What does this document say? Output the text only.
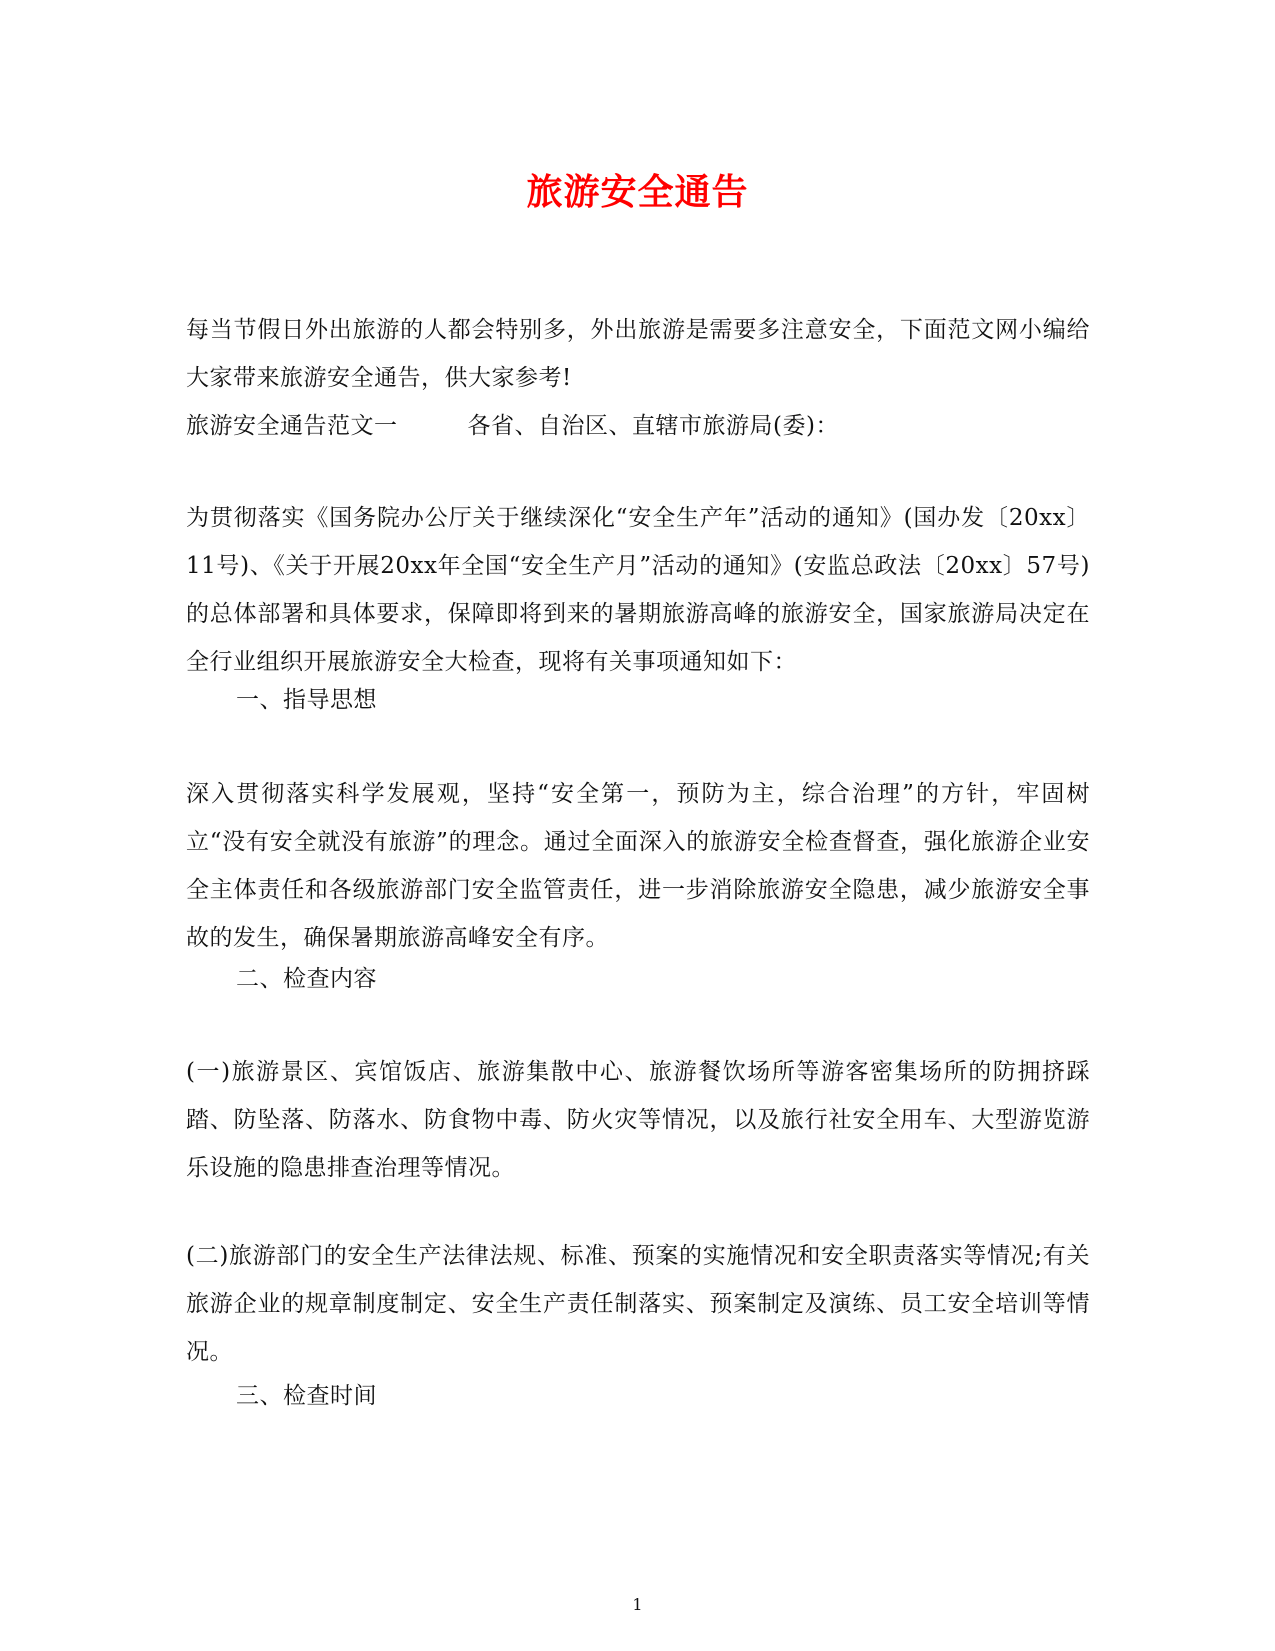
旅游安全通告
每当节假日外出旅游的人都会特别多，外出旅游是需要多注意安全，下面范文网小编给大家带来旅游安全通告，供大家参考!
旅游安全通告范文一	各省、自治区、直辖市旅游局(委)：
为贯彻落实《国务院办公厅关于继续深化“安全生产年”活动的通知》(国办发〔20xx〕11号)、《关于开展20xx年全国“安全生产月”活动的通知》(安监总政法〔20xx〕57号)的总体部署和具体要求，保障即将到来的暑期旅游高峰的旅游安全，国家旅游局决定在全行业组织开展旅游安全大检查，现将有关事项通知如下：
一、指导思想
深入贯彻落实科学发展观，坚持“安全第一，预防为主，综合治理”的方针，牢固树立“没有安全就没有旅游”的理念。通过全面深入的旅游安全检查督查，强化旅游企业安全主体责任和各级旅游部门安全监管责任，进一步消除旅游安全隐患，减少旅游安全事故的发生，确保暑期旅游高峰安全有序。
二、检查内容
(一)旅游景区、宾馆饭店、旅游集散中心、旅游餐饮场所等游客密集场所的防拥挤踩踏、防坠落、防落水、防食物中毒、防火灾等情况，以及旅行社安全用车、大型游览游乐设施的隐患排查治理等情况。
(二)旅游部门的安全生产法律法规、标准、预案的实施情况和安全职责落实等情况;有关旅游企业的规章制度制定、安全生产责任制落实、预案制定及演练、员工安全培训等情况。
三、检查时间
1
